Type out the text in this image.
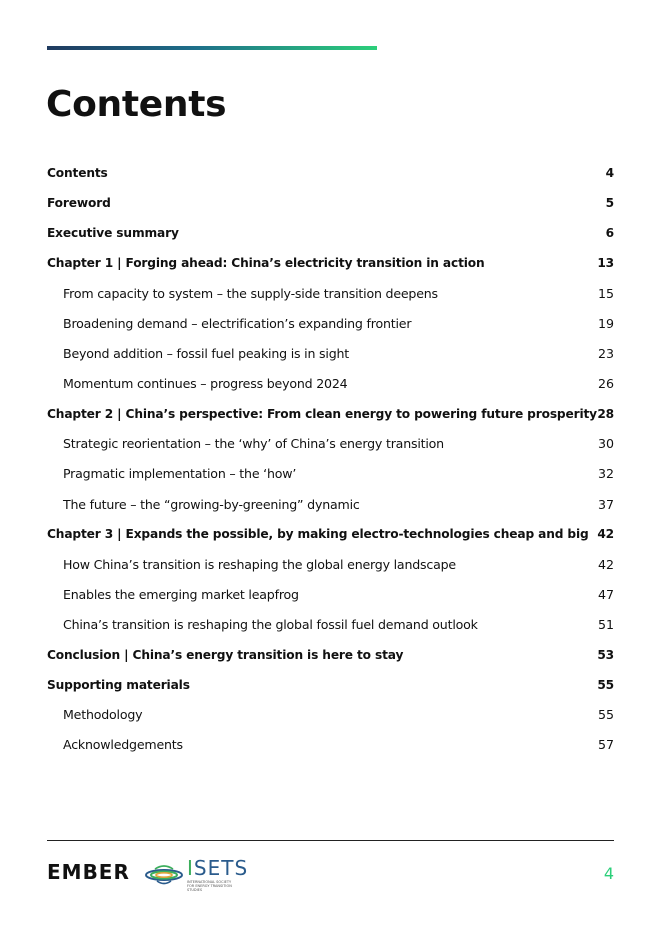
Contents
Contents	4
Foreword	5
Executive summary	6
Chapter 1 | Forging ahead: China’s electricity transition in action	13
From capacity to system – the supply-side transition deepens	15
Broadening demand – electrification’s expanding frontier	19
Beyond addition – fossil fuel peaking is in sight	23
Momentum continues – progress beyond 2024	26
Chapter 2 | China’s perspective: From clean energy to powering future prosperity 28
Strategic reorientation – the ‘why’ of China’s energy transition	30
Pragmatic implementation – the ‘how’	32
The future – the “growing-by-greening” dynamic	37
Chapter 3 | Expands the possible, by making electro-technologies cheap and big 42
How China’s transition is reshaping the global energy landscape	42
Enables the emerging market leapfrog	47
China’s transition is reshaping the global fossil fuel demand outlook	51
Conclusion | China’s energy transition is here to stay	53
Supporting materials	55
Methodology	55
Acknowledgements	57
EMBER	ISETS
INTERNATIONAL SOCIETY FOR ENERGY TRANSITION STUDIES
4
